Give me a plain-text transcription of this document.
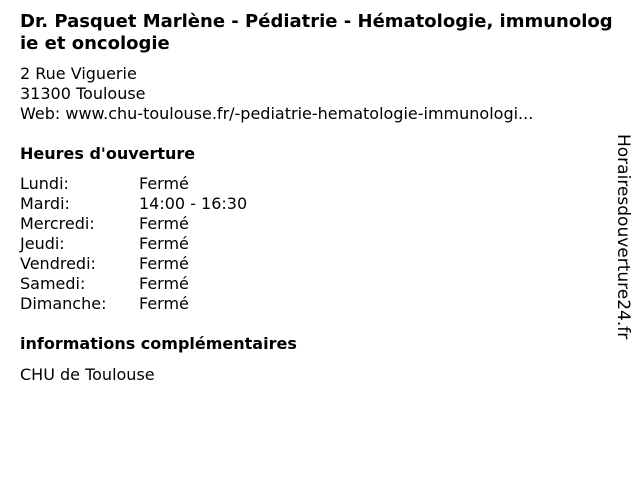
Dr. Pasquet Marlène - Pédiatrie - Hématologie, immunologie et oncologie
2 Rue Viguerie
31300 Toulouse
Web: www.chu-toulouse.fr/-pediatrie-hematologie-immunologi...
Heures d'ouverture
Lundi:	Fermé
Mardi:	14:00 - 16:30
Mercredi:	Fermé
Jeudi:	Fermé
Vendredi:	Fermé
Samedi:	Fermé
Dimanche: Fermé
informations complémentaires
CHU de Toulouse
Horairesdouverture24.fr
